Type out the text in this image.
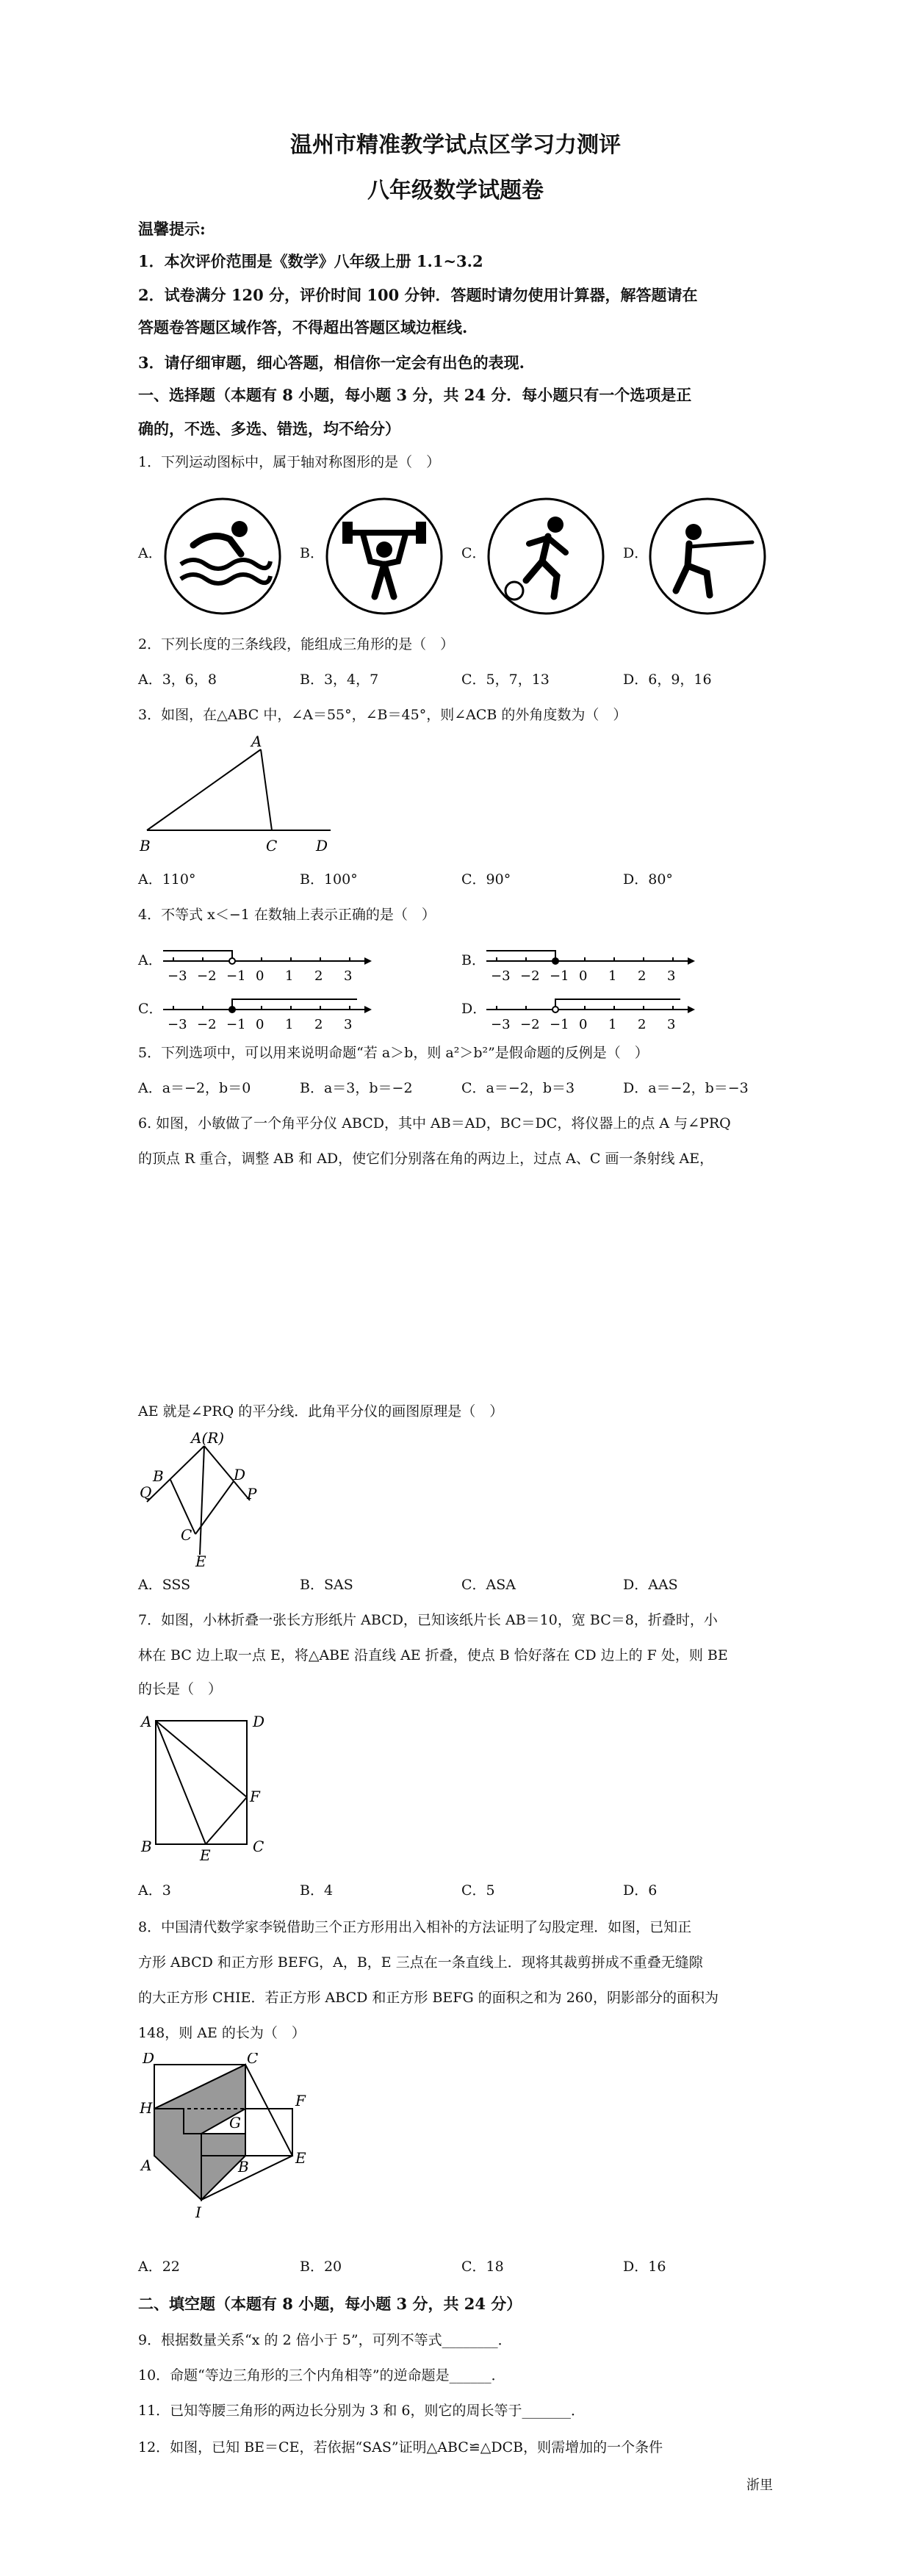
温州市精准教学试点区学习力测评
八年级数学试题卷
温馨提示:
1．本次评价范围是《数学》八年级上册 1.1~3.2
2．试卷满分 120 分，评价时间 100 分钟．答题时请勿使用计算器，解答题请在
答题卷答题区域作答，不得超出答题区域边框线.
3．请仔细审题，细心答题，相信你一定会有出色的表现.
一、选择题（本题有 8 小题，每小题 3 分，共 24 分．每小题只有一个选项是正
确的，不选、多选、错选，均不给分）
1．下列运动图标中，属于轴对称图形的是（　）
A．	B．	C．	D．
2．下列长度的三条线段，能组成三角形的是（　）
A．3，6，8	B．3，4，7	C．5，7，13	D．6，9，16
3．如图，在△ABC 中，∠A＝55°，∠B＝45°，则∠ACB 的外角度数为（　）
A
B	C	D
A．110°	B．100°	C．90°	D．80°
4．不等式 x＜−1 在数轴上表示正确的是（　）
A．	B．
C．	D．
−3 −2 −1 0 1 2 3	−3 −2 −1 0 1 2 3
−3 −2 −1 0 1 2 3	−3 −2 −1 0 1 2 3
5．下列选项中，可以用来说明命题“若 a＞b，则 a²＞b²”是假命题的反例是（　）
A．a＝−2，b＝0	B．a＝3，b＝−2	C．a＝−2，b＝3	D．a＝−2，b＝−3
6. 如图，小敏做了一个角平分仪 ABCD，其中 AB＝AD，BC＝DC，将仪器上的点 A 与∠PRQ
的顶点 R 重合，调整 AB 和 AD，使它们分别落在角的两边上，过点 A、C 画一条射线 AE，
AE 就是∠PRQ 的平分线．此角平分仪的画图原理是（　）
A(R)
B	D
Q	P
C
E
A．SSS	B．SAS	C．ASA	D．AAS
7．如图，小林折叠一张长方形纸片 ABCD，已知该纸片长 AB＝10，宽 BC＝8，折叠时，小
林在 BC 边上取一点 E，将△ABE 沿直线 AE 折叠，使点 B 恰好落在 CD 边上的 F 处，则 BE
的长是（　）
A	D
B	C
E
F
A．3	B．4	C．5	D．6
8．中国清代数学家李锐借助三个正方形用出入相补的方法证明了勾股定理．如图，已知正
方形 ABCD 和正方形 BEFG，A，B，E 三点在一条直线上．现将其裁剪拼成不重叠无缝隙
的大正方形 CHIE．若正方形 ABCD 和正方形 BEFG 的面积之和为 260，阴影部分的面积为
148，则 AE 的长为（　）
D	C
F
G
H
A	B	E
I
A．22	B．20	C．18	D．16
二、填空题（本题有 8 小题，每小题 3 分，共 24 分）
9．根据数量关系“x 的 2 倍小于 5”，可列不等式________．
10．命题“等边三角形的三个内角相等”的逆命题是______．
11．已知等腰三角形的两边长分别为 3 和 6，则它的周长等于_______．
12．如图，已知 BE＝CE，若依据“SAS”证明△ABC≌△DCB，则需增加的一个条件
浙里
